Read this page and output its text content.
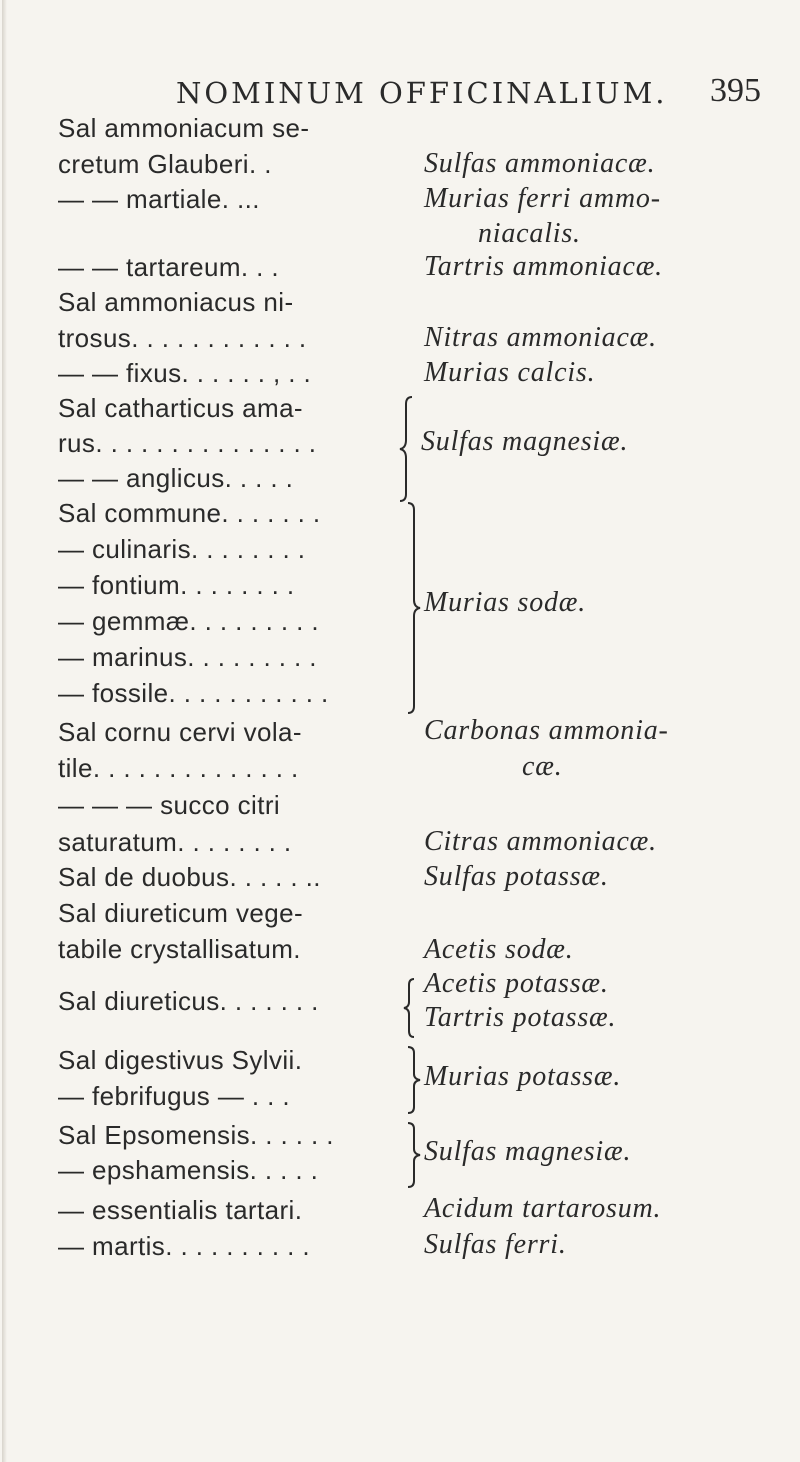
NOMINUM OFFICINALIUM. 395
Sal ammoniacum se-
cretum Glauberi. .
— — martiale. ...
— — tartareum. . .
Sal ammoniacus ni-
trosus. . . . . . . . . . . .
— — fixus. . . . . . , . .
Sal catharticus ama-
rus. . . . . . . . . . . . . . .
— — anglicus. . . . .
Sal commune. . . . . . .
— culinaris. . . . . . . .
— fontium. . . . . . . .
— gemmæ. . . . . . . . .
— marinus. . . . . . . . .
— fossile. . . . . . . . . . .
Sal cornu cervi vola-
tile. . . . . . . . . . . . . .
— — — succo citri
saturatum. . . . . . . .
Sal de duobus. . . . . ..
Sal diureticum vege-
tabile crystallisatum.
Sal diureticus. . . . . . .
Sal digestivus Sylvii.
— febrifugus — . . .
Sal Epsomensis. . . . . .
— epshamensis. . . . .
— essentialis tartari.
— martis. . . . . . . . . .
Sulfas ammoniacæ.
Murias ferri ammo-
niacalis.
Tartris ammoniacæ.
Nitras ammoniacæ.
Murias calcis.
Sulfas magnesiæ.
Murias sodæ.
Carbonas ammonia-
cæ.
Citras ammoniacæ.
Sulfas potassæ.
Acetis sodæ.
Acetis potassæ.
Tartris potassæ.
Murias potassæ.
Sulfas magnesiæ.
Acidum tartarosum.
Sulfas ferri.
